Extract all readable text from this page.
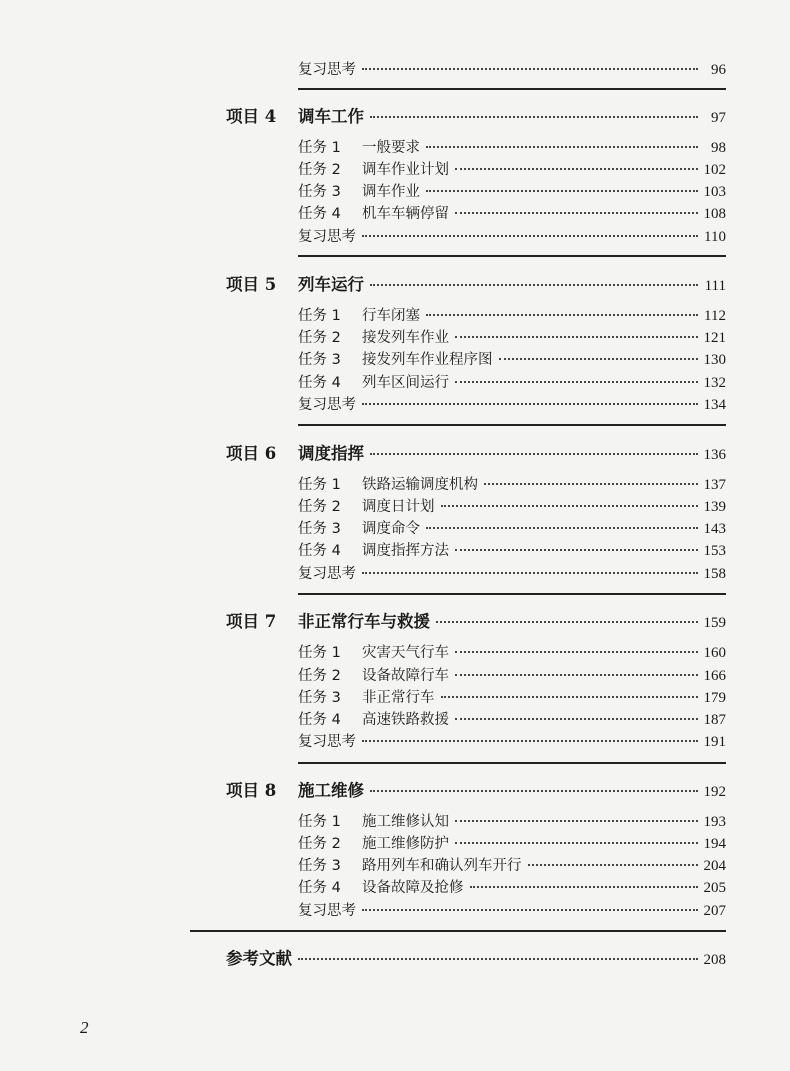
复习思考	96
项目 4	调车工作	97
任务 1	一般要求	98
任务 2	调车作业计划	102
任务 3	调车作业	103
任务 4	机车车辆停留	108
复习思考	110
项目 5	列车运行	111
任务 1	行车闭塞	112
任务 2	接发列车作业	121
任务 3	接发列车作业程序图	130
任务 4	列车区间运行	132
复习思考	134
项目 6	调度指挥	136
任务 1	铁路运输调度机构	137
任务 2	调度日计划	139
任务 3	调度命令	143
任务 4	调度指挥方法	153
复习思考	158
项目 7	非正常行车与救援	159
任务 1	灾害天气行车	160
任务 2	设备故障行车	166
任务 3	非正常行车	179
任务 4	高速铁路救援	187
复习思考	191
项目 8	施工维修	192
任务 1	施工维修认知	193
任务 2	施工维修防护	194
任务 3	路用列车和确认列车开行	204
任务 4	设备故障及抢修	205
复习思考	207
参考文献	208
2
